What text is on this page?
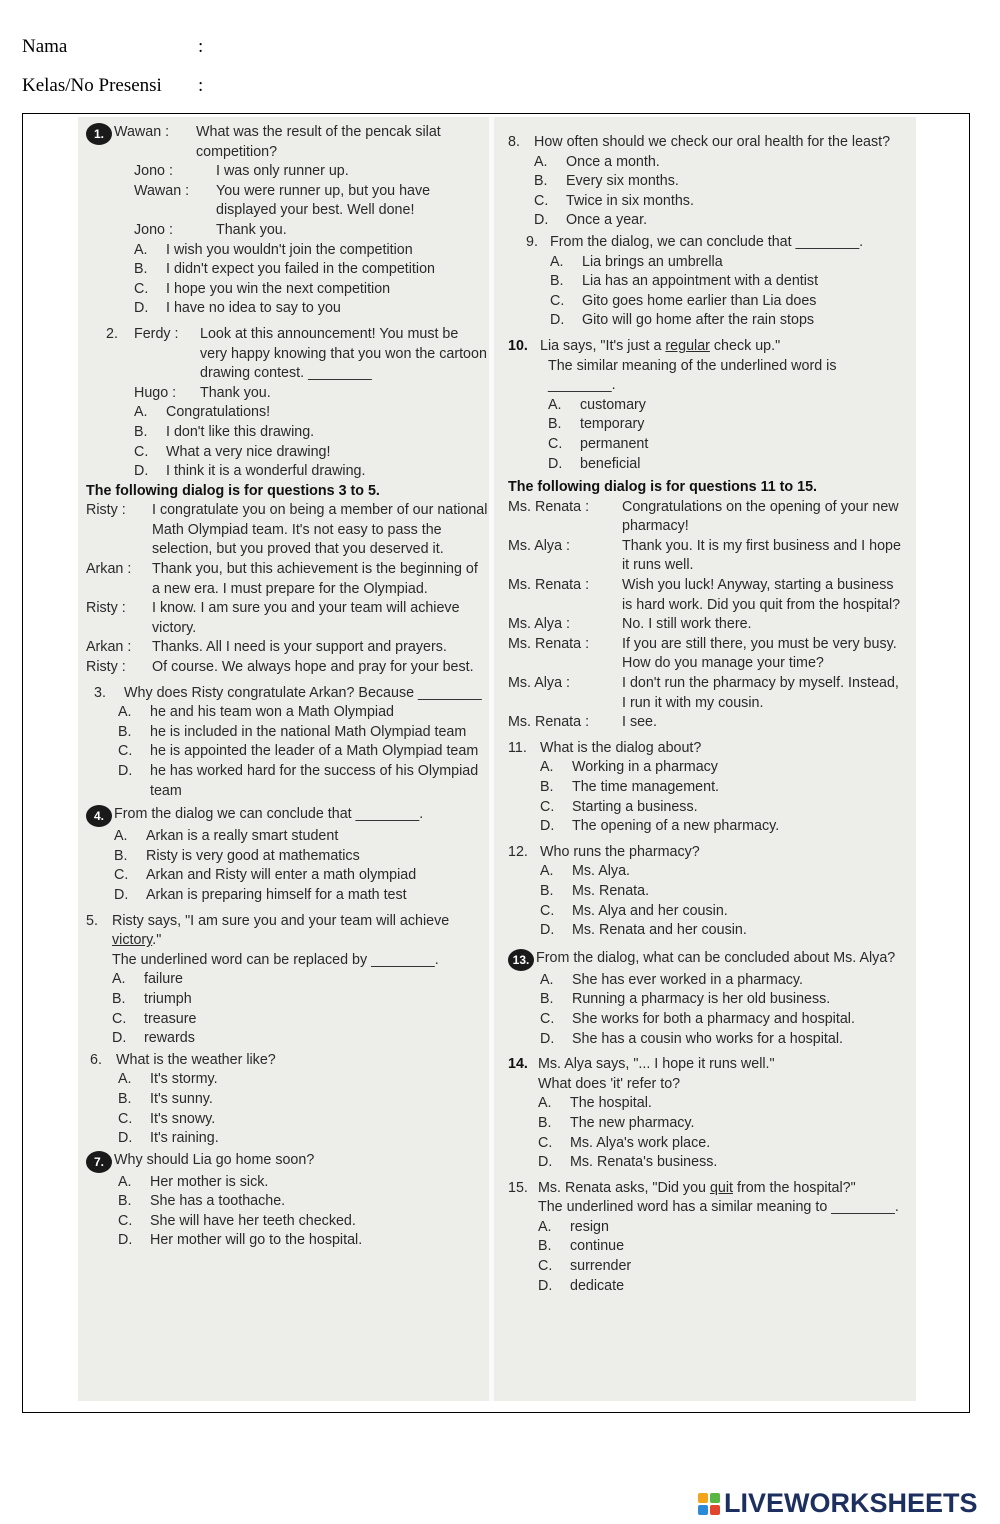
Nama	:
Kelas/No Presensi :
1. Wawan :	What was the result of the pencak silat competition?
Jono :	I was only runner up.
Wawan :	You were runner up, but you have displayed your best. Well done!
Jono :	Thank you.
A.	I wish you wouldn't join the competition
B.	I didn't expect you failed in the competition
C.	I hope you win the next competition
D.	I have no idea to say to you
2.	Ferdy :	Look at this announcement! You must be very happy knowing that you won the cartoon drawing contest. ________
Hugo :	Thank you.
A.	Congratulations!
B.	I don't like this drawing.
C.	What a very nice drawing!
D.	I think it is a wonderful drawing.
The following dialog is for questions 3 to 5.
Risty :	I congratulate you on being a member of our national Math Olympiad team. It's not easy to pass the selection, but you proved that you deserved it.
Arkan :	Thank you, but this achievement is the beginning of a new era. I must prepare for the Olympiad.
Risty :	I know. I am sure you and your team will achieve victory.
Arkan :	Thanks. All I need is your support and prayers.
Risty :	Of course. We always hope and pray for your best.
3.	Why does Risty congratulate Arkan? Because ________
A.	he and his team won a Math Olympiad
B.	he is included in the national Math Olympiad team
C.	he is appointed the leader of a Math Olympiad team
D.	he has worked hard for the success of his Olympiad team
4. From the dialog we can conclude that ________.
A.	Arkan is a really smart student
B.	Risty is very good at mathematics
C.	Arkan and Risty will enter a math olympiad
D.	Arkan is preparing himself for a math test
5. Risty says, "I am sure you and your team will achieve victory."
The underlined word can be replaced by ________.
A.	failure
B.	triumph
C.	treasure
D.	rewards
6. What is the weather like?
A.	It's stormy.
B.	It's sunny.
C.	It's snowy.
D.	It's raining.
7. Why should Lia go home soon?
A.	Her mother is sick.
B.	She has a toothache.
C.	She will have her teeth checked.
D.	Her mother will go to the hospital.
8. How often should we check our oral health for the least?
A.	Once a month.
B.	Every six months.
C.	Twice in six months.
D.	Once a year.
9. From the dialog, we can conclude that ________.
A.	Lia brings an umbrella
B.	Lia has an appointment with a dentist
C.	Gito goes home earlier than Lia does
D.	Gito will go home after the rain stops
10. Lia says, "It's just a regular check up."
The similar meaning of the underlined word is ________.
A.	customary
B.	temporary
C.	permanent
D.	beneficial
The following dialog is for questions 11 to 15.
Ms. Renata :	Congratulations on the opening of your new pharmacy!
Ms. Alya :	Thank you. It is my first business and I hope it runs well.
Ms. Renata :	Wish you luck! Anyway, starting a business is hard work. Did you quit from the hospital?
Ms. Alya :	No. I still work there.
Ms. Renata :	If you are still there, you must be very busy. How do you manage your time?
Ms. Alya :	I don't run the pharmacy by myself. Instead, I run it with my cousin.
Ms. Renata :	I see.
11. What is the dialog about?
A.	Working in a pharmacy
B.	The time management.
C.	Starting a business.
D.	The opening of a new pharmacy.
12. Who runs the pharmacy?
A.	Ms. Alya.
B.	Ms. Renata.
C.	Ms. Alya and her cousin.
D.	Ms. Renata and her cousin.
13. From the dialog, what can be concluded about Ms. Alya?
A.	She has ever worked in a pharmacy.
B.	Running a pharmacy is her old business.
C.	She works for both a pharmacy and hospital.
D.	She has a cousin who works for a hospital.
14. Ms. Alya says, "... I hope it runs well."
What does 'it' refer to?
A.	The hospital.
B.	The new pharmacy.
C.	Ms. Alya's work place.
D.	Ms. Renata's business.
15. Ms. Renata asks, "Did you quit from the hospital?"
The underlined word has a similar meaning to ________.
A.	resign
B.	continue
C.	surrender
D.	dedicate
LIVEWORKSHEETS
